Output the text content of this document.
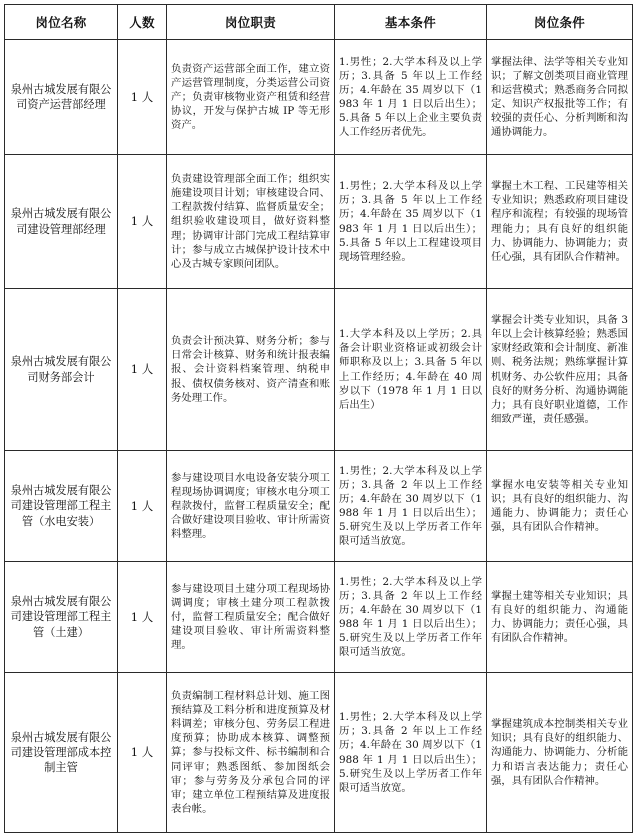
岗位名称	人数	岗位职责	基本条件	岗位条件
泉州古城发展有限公司资产运营部经理	1 人	负责资产运营部全面工作，建立资产运营管理制度，分类运营公司资产；负责审核物业资产租赁和经营协议，开发与保护古城 IP 等无形资产。	1.男性；2.大学本科及以上学历；3.具备 5 年以上工作经历；4.年龄在 35 周岁以下（1983 年 1 月 1 日以后出生）；5.具备 5 年以上企业主要负责人工作经历者优先。	掌握法律、法学等相关专业知识；了解文创类项目商业管理和运营模式；熟悉商务合同拟定、知识产权报批等工作；有较强的责任心、分析判断和沟通协调能力。
泉州古城发展有限公司建设管理部经理	1 人	负责建设管理部全面工作；组织实施建设项目计划；审核建设合同、工程款拨付结算、监督质量安全；组织验收建设项目，做好资料整理；协调审计部门完成工程结算审计；参与成立古城保护设计技术中心及古城专家顾问团队。	1.男性；2.大学本科及以上学历；3.具备 5 年以上工作经历；4.年龄在 35 周岁以下（1983 年 1 月 1 日以后出生）；5.具备 5 年以上工程建设项目现场管理经验。	掌握土木工程、工民建等相关专业知识；熟悉政府项目建设程序和流程；有较强的现场管理能力；具有良好的组织能力、协调能力、协调能力；责任心强，具有团队合作精神。
泉州古城发展有限公司财务部会计	1 人	负责会计预决算、财务分析；参与日常会计核算、财务和统计报表编报、会计资料档案管理、纳税申报、债权债务核对、资产清查和账务处理工作。	1.大学本科及以上学历；2.具备会计职业资格证或初级会计师职称及以上；3.具备 5 年以上工作经历；4.年龄在 40 周岁以下（1978 年 1 月 1 日以后出生）	掌握会计类专业知识，具备 3 年以上会计核算经验；熟悉国家财经政策和会计制度、新准则、税务法规；熟练掌握计算机财务、办公软件应用；具备良好的财务分析、沟通协调能力；具有良好职业道德，工作细致严谨，责任感强。
泉州古城发展有限公司建设管理部工程主管（水电安装）	1 人	参与建设项目水电设备安装分项工程现场协调调度；审核水电分项工程款拨付，监督工程质量安全；配合做好建设项目验收、审计所需资料整理。	1.男性；2.大学本科及以上学历；3.具备 2 年以上工作经历；4.年龄在 30 周岁以下（1988 年 1 月 1 日以后出生）；5.研究生及以上学历者工作年限可适当放宽。	掌握水电安装等相关专业知识；具有良好的组织能力、沟通能力、协调能力；责任心强，具有团队合作精神。
泉州古城发展有限公司建设管理部工程主管（土建）	1 人	参与建设项目土建分项工程现场协调调度；审核土建分项工程款拨付，监督工程质量安全；配合做好建设项目验收、审计所需资料整理。	1.男性；2.大学本科及以上学历；3.具备 2 年以上工作经历；4.年龄在 30 周岁以下（1988 年 1 月 1 日以后出生）；5.研究生及以上学历者工作年限可适当放宽。	掌握土建等相关专业知识；具有良好的组织能力、沟通能力、协调能力；责任心强，具有团队合作精神。
泉州古城发展有限公司建设管理部成本控制主管	1 人	负责编制工程材料总计划、施工图预结算及工料分析和进度预算及材料调差；审核分包、劳务层工程进度预算；协助成本核算、调整预算；参与投标文件、标书编制和合同评审；熟悉图纸、参加图纸会审；参与劳务及分承包合同的评审；建立单位工程预结算及进度报表台帐。	1.男性；2.大学本科及以上学历；3.具备 2 年以上工作经历；4.年龄在 30 周岁以下（1988 年 1 月 1 日以后出生）；5.研究生及以上学历者工作年限可适当放宽。	掌握建筑成本控制类相关专业知识；具有良好的组织能力、沟通能力、协调能力、分析能力和语言表达能力；责任心强，具有团队合作精神。
